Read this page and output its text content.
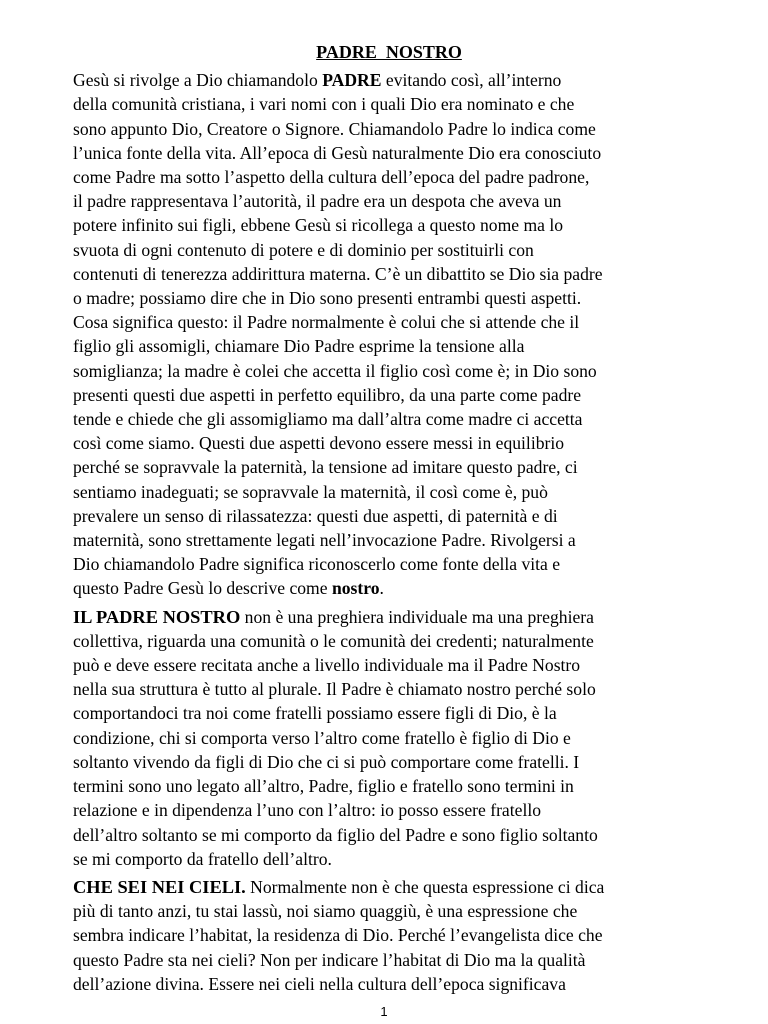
PADRE  NOSTRO
Gesù si rivolge a Dio chiamandolo PADRE evitando così, all’interno
della comunità cristiana, i vari nomi con i quali Dio era nominato e che
sono appunto Dio, Creatore o Signore. Chiamandolo Padre lo indica come
l’unica fonte della vita. All’epoca di Gesù naturalmente Dio era conosciuto
come Padre ma sotto l’aspetto della cultura dell’epoca del padre padrone,
il padre rappresentava l’autorità, il padre era un despota che aveva un
potere infinito sui figli, ebbene Gesù si ricollega a questo nome ma lo
svuota di ogni contenuto di potere e di dominio per sostituirli con
contenuti di tenerezza addirittura materna. C’è un dibattito se Dio sia padre
o madre; possiamo dire che in Dio sono presenti entrambi questi aspetti.
Cosa significa questo: il Padre normalmente è colui che si attende che il
figlio gli assomigli, chiamare Dio Padre esprime la tensione alla
somiglianza; la madre è colei che accetta il figlio così come è; in Dio sono
presenti questi due aspetti in perfetto equilibro, da una parte come padre
tende e chiede che gli assomigliamo ma dall’altra come madre ci accetta
così come siamo. Questi due aspetti devono essere messi in equilibrio
perché se sopravvale la paternità, la tensione ad imitare questo padre, ci
sentiamo inadeguati; se sopravvale la maternità, il così come è, può
prevalere un senso di rilassatezza: questi due aspetti, di paternità e di
maternità, sono strettamente legati nell’invocazione Padre. Rivolgersi a
Dio chiamandolo Padre significa riconoscerlo come fonte della vita e
questo Padre Gesù lo descrive come nostro.
IL PADRE NOSTRO non è una preghiera individuale ma una preghiera
collettiva, riguarda una comunità o le comunità dei credenti; naturalmente
può e deve essere recitata anche a livello individuale ma il Padre Nostro
nella sua struttura è tutto al plurale. Il Padre è chiamato nostro perché solo
comportandoci tra noi come fratelli possiamo essere figli di Dio, è la
condizione, chi si comporta verso l’altro come fratello è figlio di Dio e
soltanto vivendo da figli di Dio che ci si può comportare come fratelli. I
termini sono uno legato all’altro, Padre, figlio e fratello sono termini in
relazione e in dipendenza l’uno con l’altro: io posso essere fratello
dell’altro soltanto se mi comporto da figlio del Padre e sono figlio soltanto
se mi comporto da fratello dell’altro.
CHE SEI NEI CIELI. Normalmente non è che questa espressione ci dica
più di tanto anzi, tu stai lassù, noi siamo quaggiù, è una espressione che
sembra indicare l’habitat, la residenza di Dio. Perché l’evangelista dice che
questo Padre sta nei cieli? Non per indicare l’habitat di Dio ma la qualità
dell’azione divina. Essere nei cieli nella cultura dell’epoca significava
1
